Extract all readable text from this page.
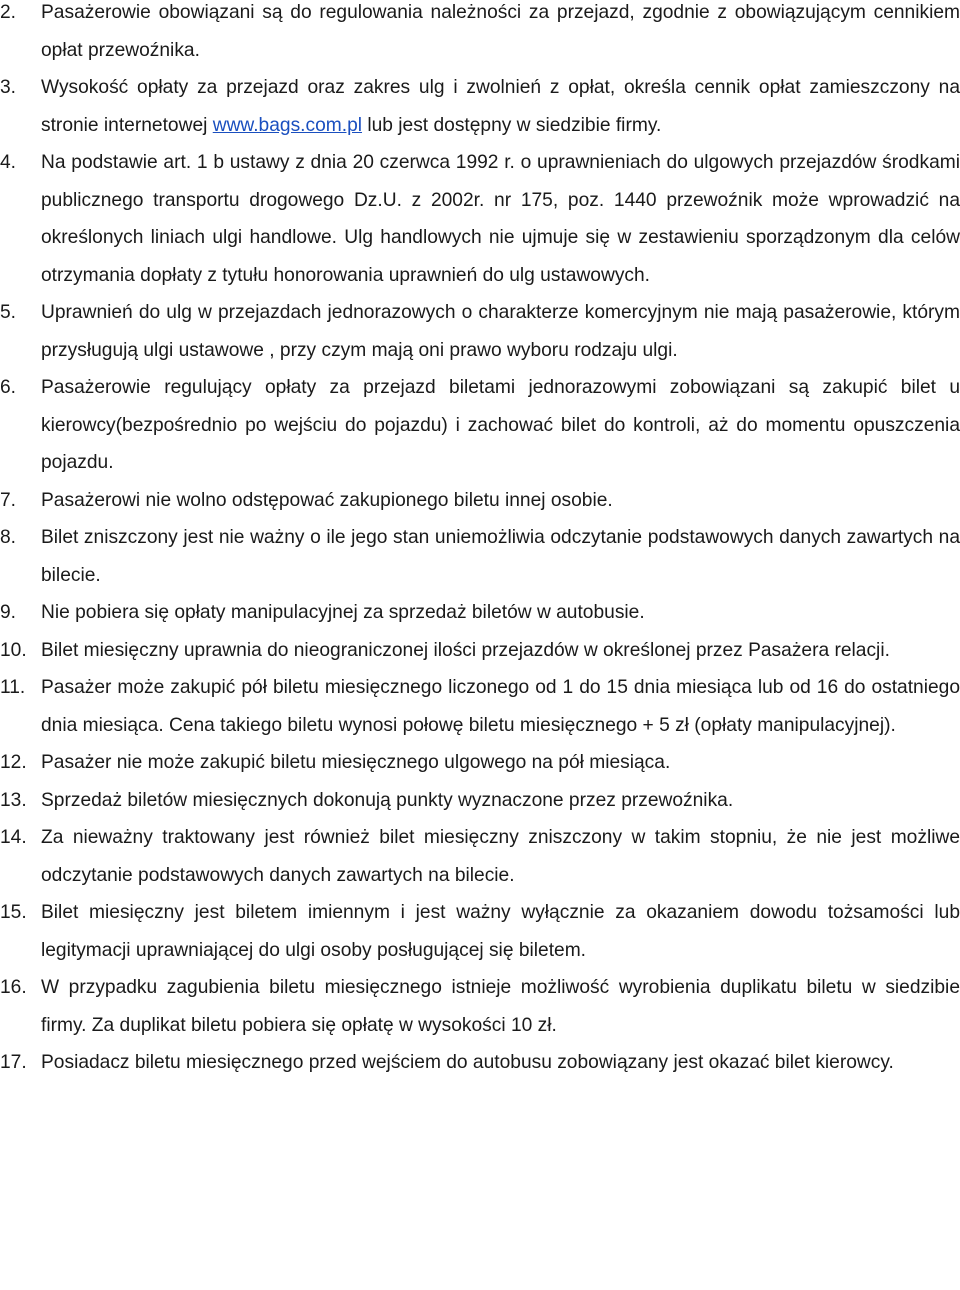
2.	Pasażerowie obowiązani są do regulowania należności za przejazd, zgodnie z obowiązującym cennikiem opłat przewoźnika.
3.	Wysokość opłaty za przejazd oraz zakres ulg i zwolnień z opłat, określa cennik opłat zamieszczony na stronie internetowej www.bags.com.pl lub jest dostępny w siedzibie firmy.
4.	Na podstawie art. 1 b ustawy z dnia 20 czerwca 1992 r. o uprawnieniach do ulgowych przejazdów środkami publicznego transportu drogowego Dz.U. z 2002r. nr 175, poz. 1440 przewoźnik może wprowadzić na określonych liniach ulgi handlowe. Ulg handlowych nie ujmuje się w zestawieniu sporządzonym dla celów otrzymania dopłaty z tytułu honorowania uprawnień do ulg ustawowych.
5.	Uprawnień do ulg w przejazdach jednorazowych o charakterze komercyjnym nie mają pasażerowie, którym przysługują ulgi ustawowe , przy czym mają oni prawo wyboru rodzaju ulgi.
6.	Pasażerowie regulujący opłaty za przejazd biletami jednorazowymi zobowiązani są zakupić bilet u kierowcy(bezpośrednio po wejściu do pojazdu) i zachować bilet do kontroli, aż do momentu opuszczenia pojazdu.
7.	Pasażerowi nie wolno odstępować zakupionego biletu innej osobie.
8.	Bilet zniszczony jest nie ważny o ile jego stan uniemożliwia odczytanie podstawowych danych zawartych na bilecie.
9.	Nie pobiera się opłaty manipulacyjnej za sprzedaż biletów w autobusie.
10. Bilet miesięczny uprawnia do nieograniczonej ilości przejazdów w określonej przez Pasażera relacji.
11. Pasażer może zakupić pół biletu miesięcznego liczonego od 1 do 15 dnia miesiąca lub od 16 do ostatniego dnia miesiąca. Cena takiego biletu wynosi połowę biletu miesięcznego + 5 zł (opłaty manipulacyjnej).
12. Pasażer nie może zakupić biletu miesięcznego ulgowego na pół miesiąca.
13. Sprzedaż biletów miesięcznych dokonują punkty wyznaczone przez przewoźnika.
14. Za nieważny traktowany jest również bilet miesięczny zniszczony w takim stopniu, że nie jest możliwe odczytanie podstawowych danych zawartych na bilecie.
15. Bilet miesięczny jest biletem imiennym i jest ważny wyłącznie za okazaniem dowodu tożsamości lub legitymacji uprawniającej do ulgi osoby posługującej się biletem.
16. W przypadku zagubienia biletu miesięcznego istnieje możliwość wyrobienia duplikatu biletu w siedzibie firmy. Za duplikat biletu pobiera się opłatę w wysokości 10 zł.
17. Posiadacz biletu miesięcznego przed wejściem do autobusu zobowiązany jest okazać bilet kierowcy.
